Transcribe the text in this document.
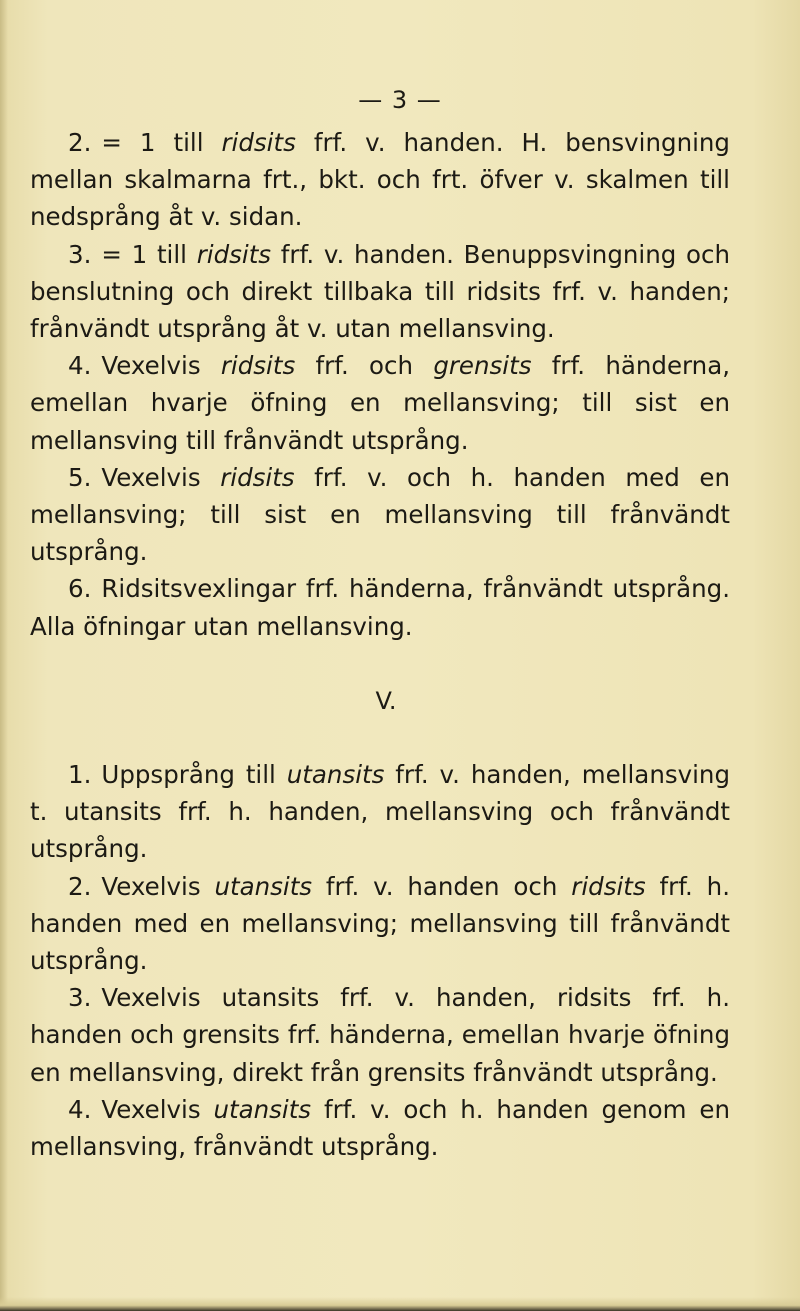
— 3 —

2. = 1 till ridsits frf. v. handen. H. bensvingning mellan skalmarna frt., bkt. och frt. öfver v. skalmen till nedsprång åt v. sidan.

3. = 1 till ridsits frf. v. handen. Benuppsvingning och benslutning och direkt tillbaka till ridsits frf. v. handen; frånvändt utsprång åt v. utan mellansving.

4. Vexelvis ridsits frf. och grensits frf. händerna, emellan hvarje öfning en mellansving; till sist en mellansving till frånvändt utsprång.

5. Vexelvis ridsits frf. v. och h. handen med en mellansving; till sist en mellansving till frånvändt utsprång.

6. Ridsitsvexlingar frf. händerna, frånvändt utsprång. Alla öfningar utan mellansving.

V.

1. Uppsprång till utansits frf. v. handen, mellansving t. utansits frf. h. handen, mellansving och frånvändt utsprång.

2. Vexelvis utansits frf. v. handen och ridsits frf. h. handen med en mellansving; mellansving till frånvändt utsprång.

3. Vexelvis utansits frf. v. handen, ridsits frf. h. handen och grensits frf. händerna, emellan hvarje öfning en mellansving, direkt från grensits frånvändt utsprång.

4. Vexelvis utansits frf. v. och h. handen genom en mellansving, frånvändt utsprång.
